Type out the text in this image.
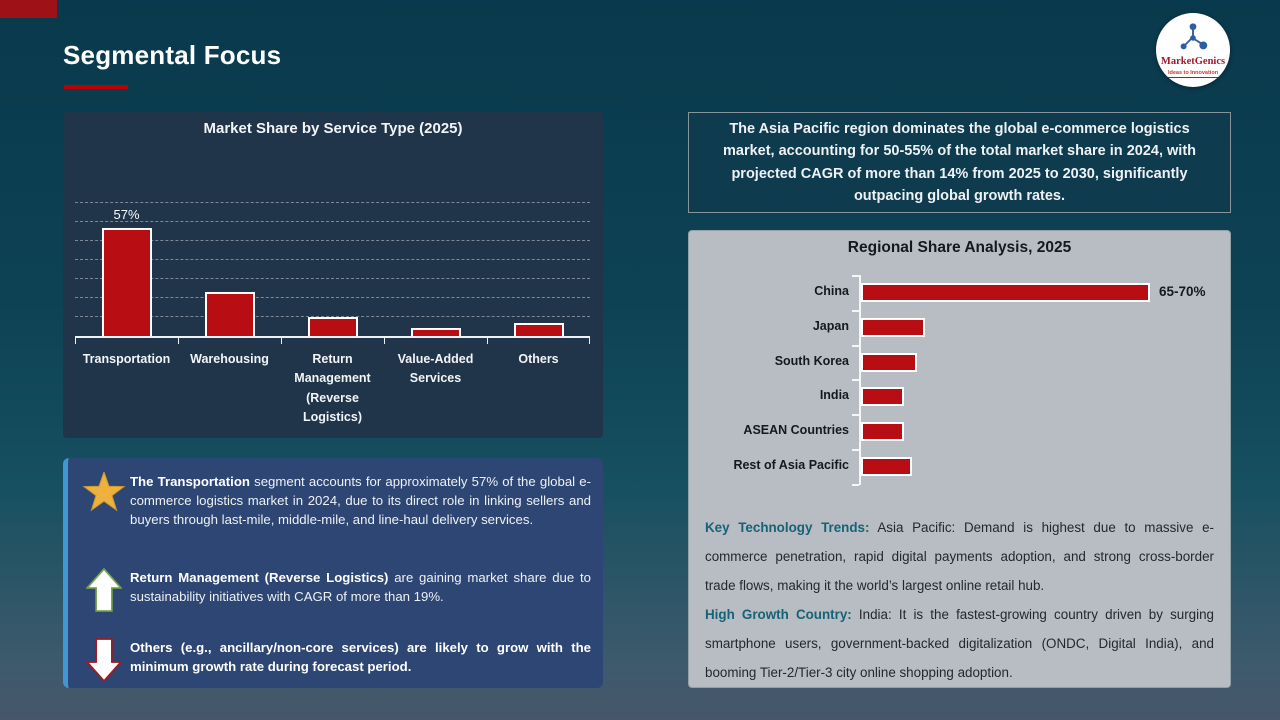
Segmental Focus	MarketGenics
Ideas to Innovation
Market Share by Service Type (2025)
57%
Transportation	Warehousing	Return Management (Reverse Logistics)
Value-Added Services
Others
The Transportation segment accounts for approximately 57% of the global e-commerce logistics market in 2024, due to its direct role in linking sellers and buyers through last-mile, middle-mile, and line-haul delivery services.
Return Management (Reverse Logistics) are gaining market share due to sustainability initiatives with CAGR of more than 19%.
Others (e.g., ancillary/non-core services) are likely to grow with the minimum growth rate during forecast period.
The Asia Pacific region dominates the global e-commerce logistics market, accounting for 50-55% of the total market share in 2024, with projected CAGR of more than 14% from 2025 to 2030, significantly outpacing global growth rates.
Regional Share Analysis, 2025
China	65-70%
Japan
South Korea
India
ASEAN Countries
Rest of Asia Pacific
Key Technology Trends: Asia Pacific: Demand is highest due to massive e-commerce penetration, rapid digital payments adoption, and strong cross-border trade flows, making it the world’s largest online retail hub.
High Growth Country: India: It is the fastest-growing country driven by surging smartphone users, government-backed digitalization (ONDC, Digital India), and booming Tier-2/Tier-3 city online shopping adoption.
